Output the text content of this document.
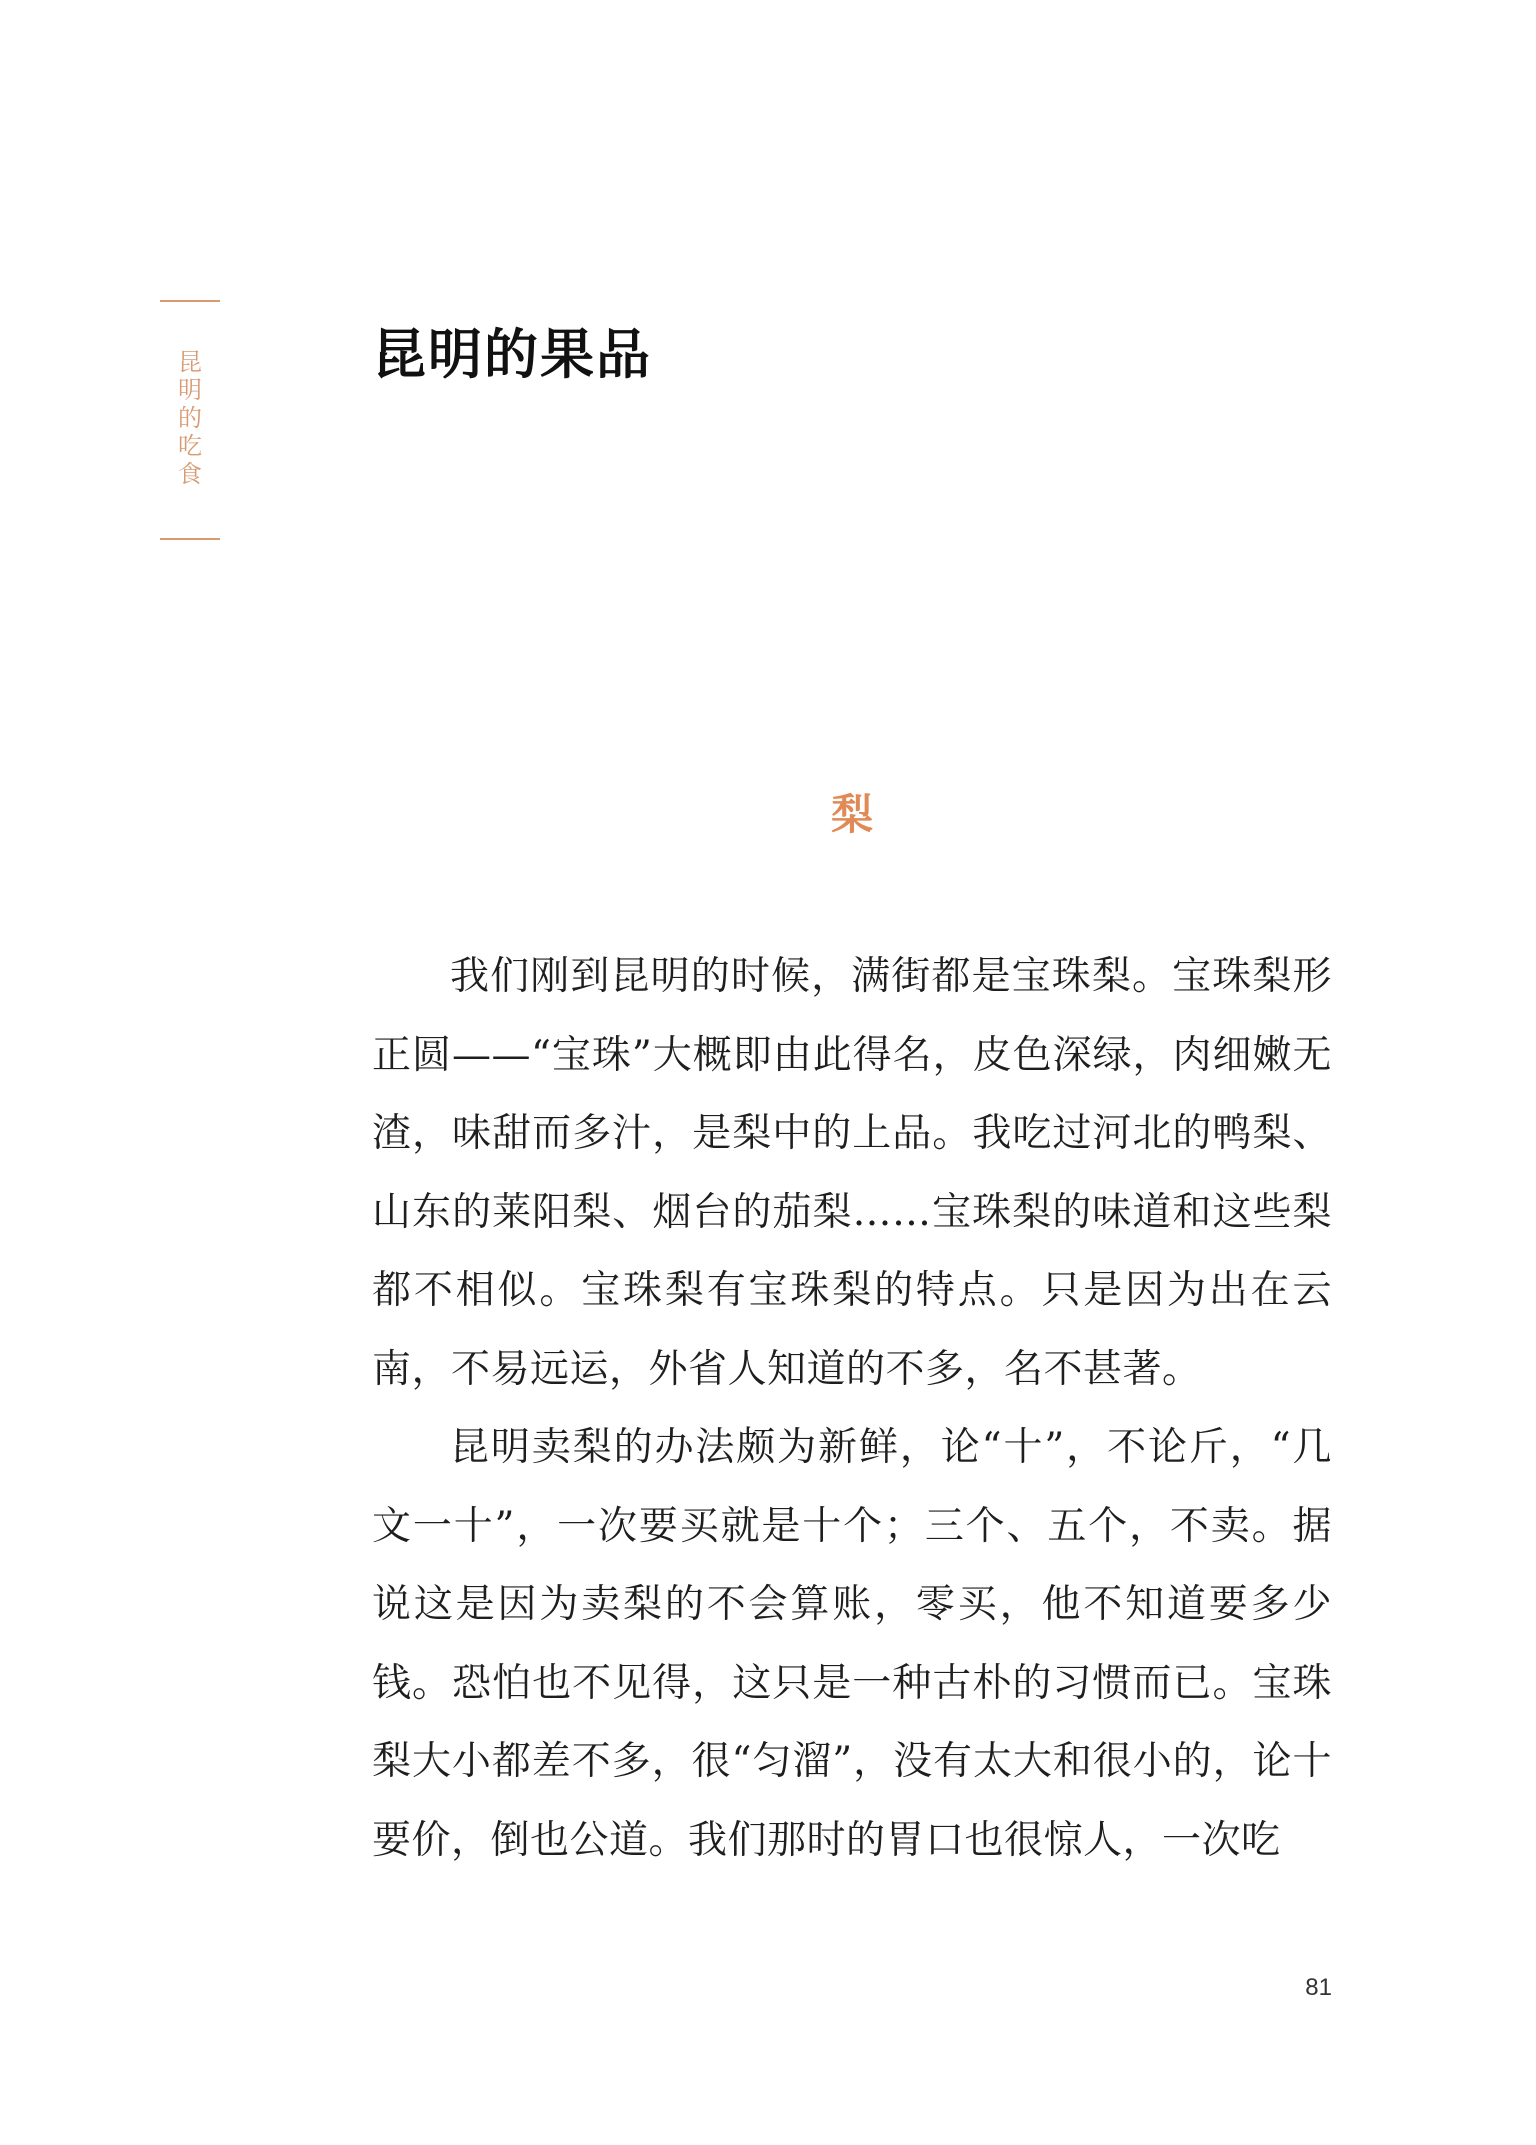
昆明的吃食
昆明的果品
梨

我们刚到昆明的时候，满街都是宝珠梨。宝珠梨形正圆——“宝珠”大概即由此得名，皮色深绿，肉细嫩无渣，味甜而多汁，是梨中的上品。我吃过河北的鸭梨、山东的莱阳梨、烟台的茄梨……宝珠梨的味道和这些梨都不相似。宝珠梨有宝珠梨的特点。只是因为出在云南，不易远运，外省人知道的不多，名不甚著。

昆明卖梨的办法颇为新鲜，论“十”，不论斤，“几文一十”，一次要买就是十个；三个、五个，不卖。据说这是因为卖梨的不会算账，零买，他不知道要多少钱。恐怕也不见得，这只是一种古朴的习惯而已。宝珠梨大小都差不多，很“匀溜”，没有太大和很小的，论十要价，倒也公道。我们那时的胃口也很惊人，一次吃

81
